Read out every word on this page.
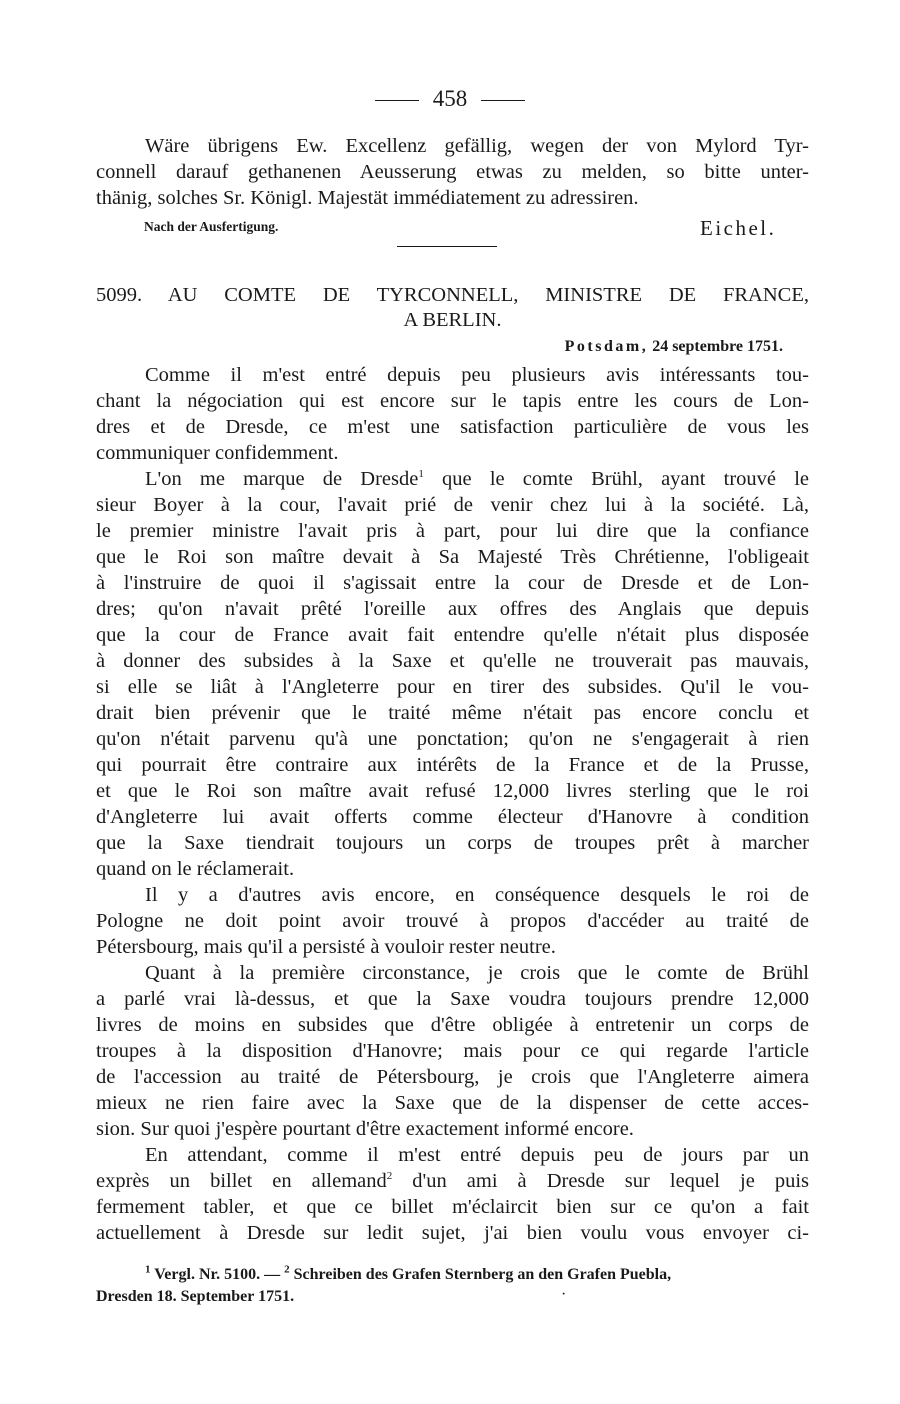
458
Wäre übrigens Ew. Excellenz gefällig, wegen der von Mylord Tyr-
connell darauf gethanenen Aeusserung etwas zu melden, so bitte unter-
thänig, solches Sr. Königl. Majestät immédiatement zu adressiren.
Nach der Ausfertigung.	Eichel.
5099. AU COMTE DE TYRCONNELL, MINISTRE DE FRANCE,
A BERLIN.
Potsdam, 24 septembre 1751.
Comme il m'est entré depuis peu plusieurs avis intéressants tou-
chant la négociation qui est encore sur le tapis entre les cours de Lon-
dres et de Dresde, ce m'est une satisfaction particulière de vous les
communiquer confidemment.
L'on me marque de Dresde$^1$ que le comte Brühl, ayant trouvé le
sieur Boyer à la cour, l'avait prié de venir chez lui à la société. Là,
le premier ministre l'avait pris à part, pour lui dire que la confiance
que le Roi son maître devait à Sa Majesté Très Chrétienne, l'obligeait
à l'instruire de quoi il s'agissait entre la cour de Dresde et de Lon-
dres; qu'on n'avait prêté l'oreille aux offres des Anglais que depuis
que la cour de France avait fait entendre qu'elle n'était plus disposée
à donner des subsides à la Saxe et qu'elle ne trouverait pas mauvais,
si elle se liât à l'Angleterre pour en tirer des subsides. Qu'il le vou-
drait bien prévenir que le traité même n'était pas encore conclu et
qu'on n'était parvenu qu'à une ponctation; qu'on ne s'engagerait à rien
qui pourrait être contraire aux intérêts de la France et de la Prusse,
et que le Roi son maître avait refusé 12,000 livres sterling que le roi
d'Angleterre lui avait offerts comme électeur d'Hanovre à condition
que la Saxe tiendrait toujours un corps de troupes prêt à marcher
quand on le réclamerait.
Il y a d'autres avis encore, en conséquence desquels le roi de
Pologne ne doit point avoir trouvé à propos d'accéder au traité de
Pétersbourg, mais qu'il a persisté à vouloir rester neutre.
Quant à la première circonstance, je crois que le comte de Brühl
a parlé vrai là-dessus, et que la Saxe voudra toujours prendre 12,000
livres de moins en subsides que d'être obligée à entretenir un corps de
troupes à la disposition d'Hanovre; mais pour ce qui regarde l'article
de l'accession au traité de Pétersbourg, je crois que l'Angleterre aimera
mieux ne rien faire avec la Saxe que de la dispenser de cette acces-
sion. Sur quoi j'espère pourtant d'être exactement informé encore.
En attendant, comme il m'est entré depuis peu de jours par un
exprès un billet en allemand$^2$ d'un ami à Dresde sur lequel je puis
fermement tabler, et que ce billet m'éclaircit bien sur ce qu'on a fait
actuellement à Dresde sur ledit sujet, j'ai bien voulu vous envoyer ci-
$^1$ Vergl. Nr. 5100. — $^2$ Schreiben des Grafen Sternberg an den Grafen Puebla,
Dresden 18. September 1751.	·
